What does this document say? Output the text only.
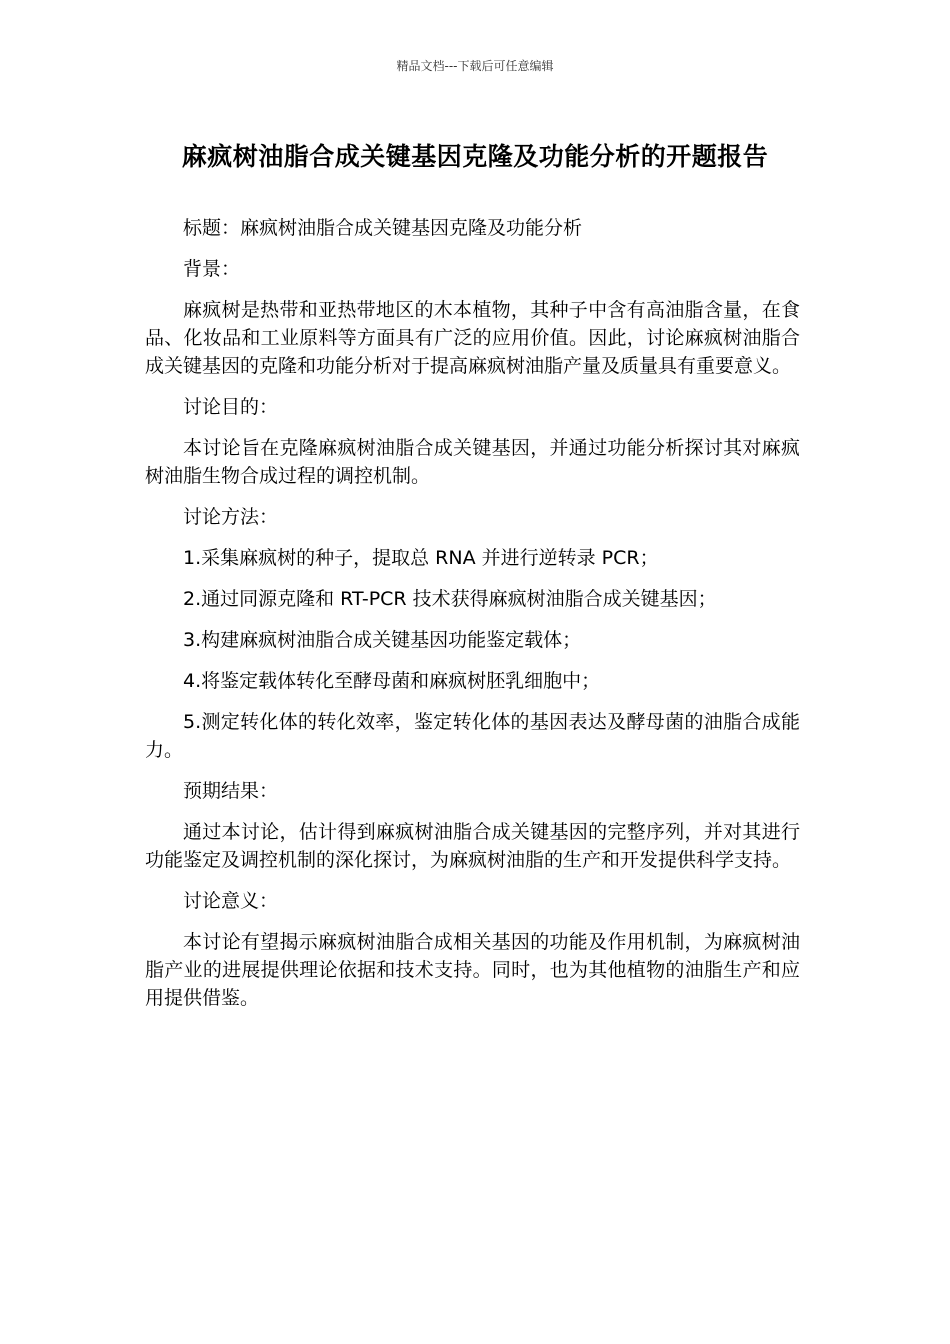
精品文档---下载后可任意编辑
麻疯树油脂合成关键基因克隆及功能分析的开题报告

标题：麻疯树油脂合成关键基因克隆及功能分析

背景：

麻疯树是热带和亚热带地区的木本植物，其种子中含有高油脂含量，在食品、化妆品和工业原料等方面具有广泛的应用价值。因此，讨论麻疯树油脂合成关键基因的克隆和功能分析对于提高麻疯树油脂产量及质量具有重要意义。

讨论目的：

本讨论旨在克隆麻疯树油脂合成关键基因，并通过功能分析探讨其对麻疯树油脂生物合成过程的调控机制。

讨论方法：

1.采集麻疯树的种子，提取总 RNA 并进行逆转录 PCR；

2.通过同源克隆和 RT-PCR 技术获得麻疯树油脂合成关键基因；

3.构建麻疯树油脂合成关键基因功能鉴定载体；

4.将鉴定载体转化至酵母菌和麻疯树胚乳细胞中；

5.测定转化体的转化效率，鉴定转化体的基因表达及酵母菌的油脂合成能力。

预期结果：

通过本讨论，估计得到麻疯树油脂合成关键基因的完整序列，并对其进行功能鉴定及调控机制的深化探讨，为麻疯树油脂的生产和开发提供科学支持。

讨论意义：

本讨论有望揭示麻疯树油脂合成相关基因的功能及作用机制，为麻疯树油脂产业的进展提供理论依据和技术支持。同时，也为其他植物的油脂生产和应用提供借鉴。
